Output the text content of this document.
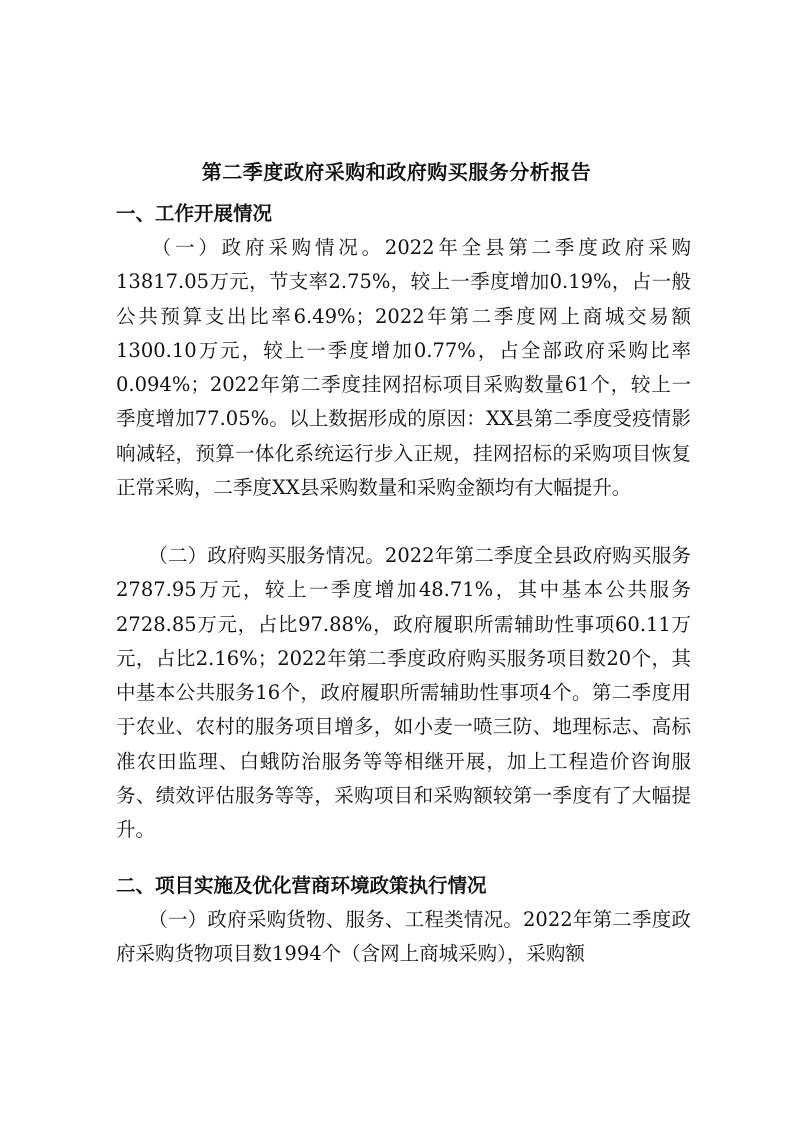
第二季度政府采购和政府购买服务分析报告
一、工作开展情况
（一）政府采购情况。2022年全县第二季度政府采购13817.05万元，节支率2.75%，较上一季度增加0.19%，占一般公共预算支出比率6.49%；2022年第二季度网上商城交易额1300.10万元，较上一季度增加0.77%，占全部政府采购比率0.094%；2022年第二季度挂网招标项目采购数量61个，较上一季度增加77.05%。以上数据形成的原因：XX县第二季度受疫情影响减轻，预算一体化系统运行步入正规，挂网招标的采购项目恢复正常采购，二季度XX县采购数量和采购金额均有大幅提升。
（二）政府购买服务情况。2022年第二季度全县政府购买服务2787.95万元，较上一季度增加48.71%，其中基本公共服务2728.85万元，占比97.88%，政府履职所需辅助性事项60.11万元，占比2.16%；2022年第二季度政府购买服务项目数20个，其中基本公共服务16个，政府履职所需辅助性事项4个。第二季度用于农业、农村的服务项目增多，如小麦一喷三防、地理标志、高标准农田监理、白蛾防治服务等等相继开展，加上工程造价咨询服务、绩效评估服务等等，采购项目和采购额较第一季度有了大幅提升。
二、项目实施及优化营商环境政策执行情况
（一）政府采购货物、服务、工程类情况。2022年第二季度政府采购货物项目数1994个（含网上商城采购），采购额
